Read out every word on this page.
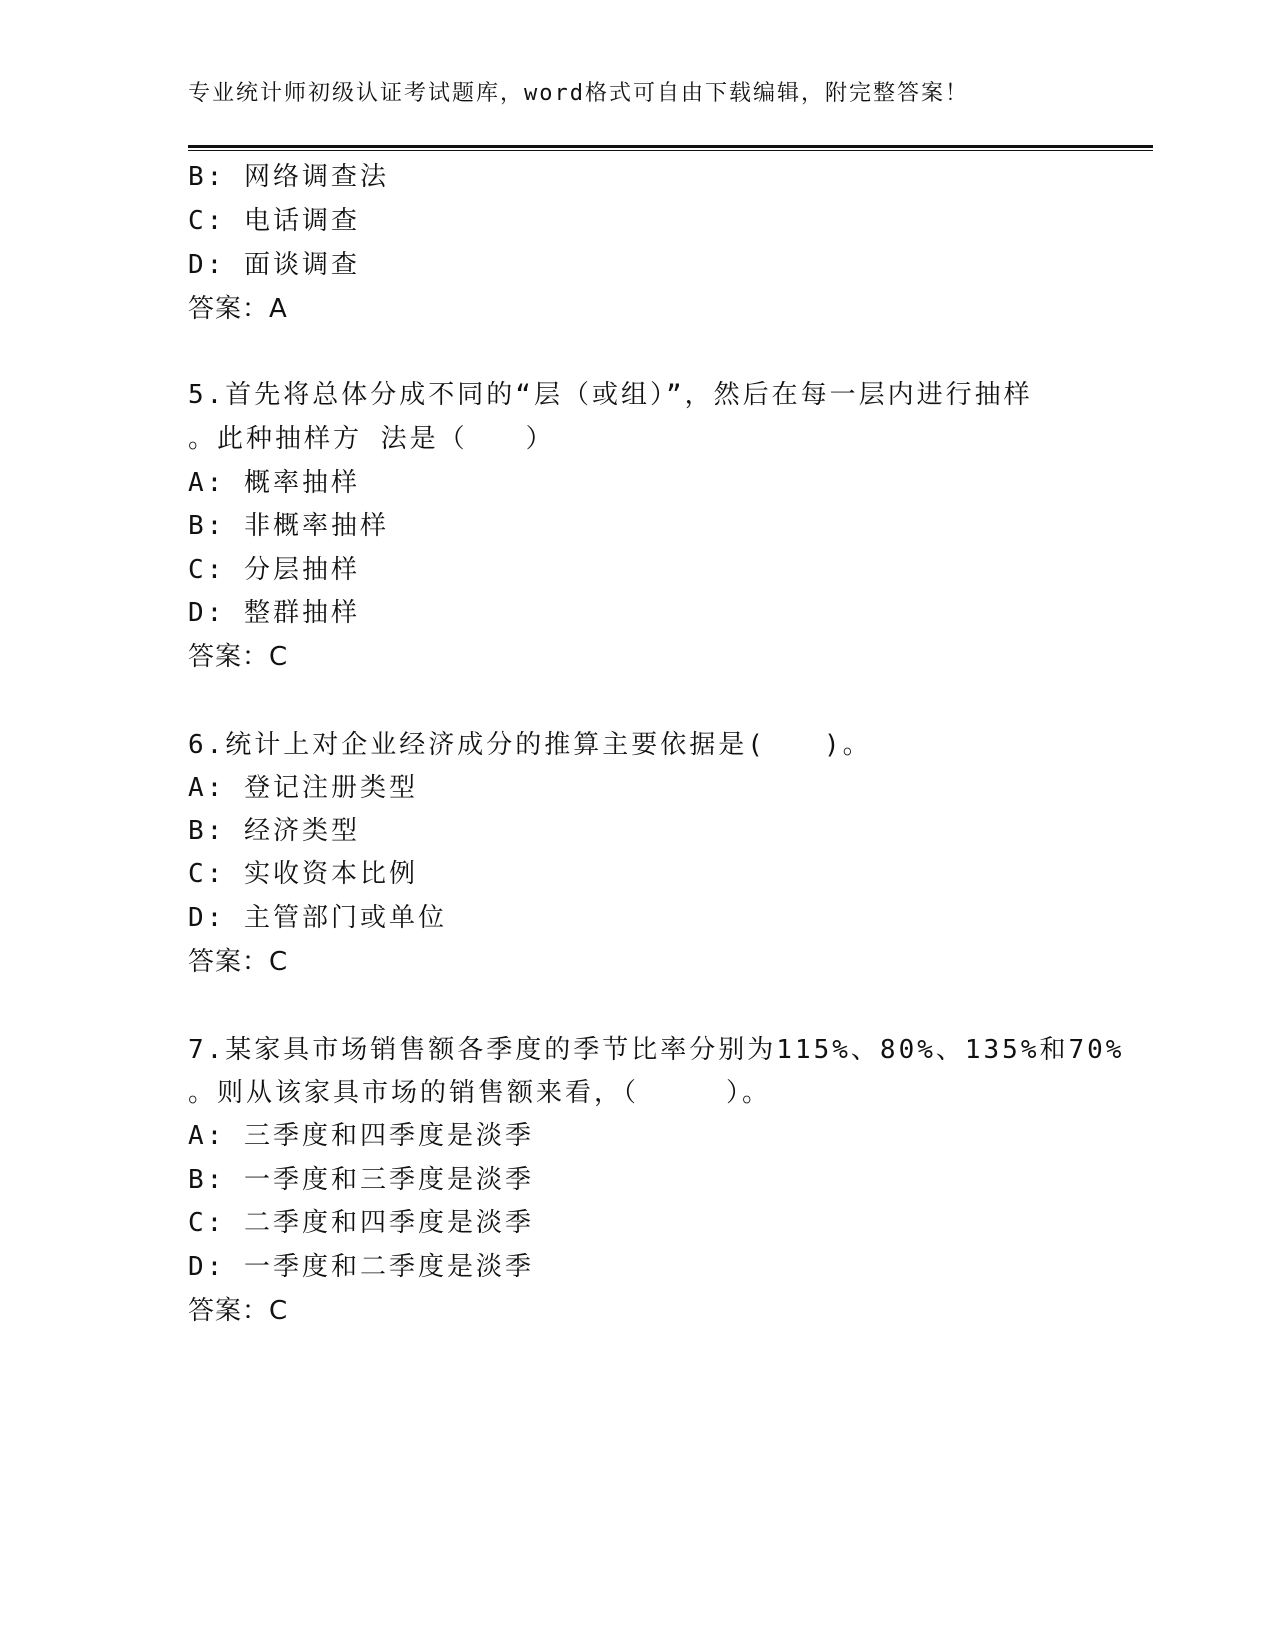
专业统计师初级认证考试题库，word格式可自由下载编辑，附完整答案！
B: 网络调查法
C: 电话调查
D: 面谈调查
答案：A
5.首先将总体分成不同的“层（或组）”，然后在每一层内进行抽样
。此种抽样方 法是（　　）
A: 概率抽样
B: 非概率抽样
C: 分层抽样
D: 整群抽样
答案：C
6.统计上对企业经济成分的推算主要依据是(　　)。
A: 登记注册类型
B: 经济类型
C: 实收资本比例
D: 主管部门或单位
答案：C
7.某家具市场销售额各季度的季节比率分别为115%、80%、135%和70%
。则从该家具市场的销售额来看，（　　　）。
A: 三季度和四季度是淡季
B: 一季度和三季度是淡季
C: 二季度和四季度是淡季
D: 一季度和二季度是淡季
答案：C
